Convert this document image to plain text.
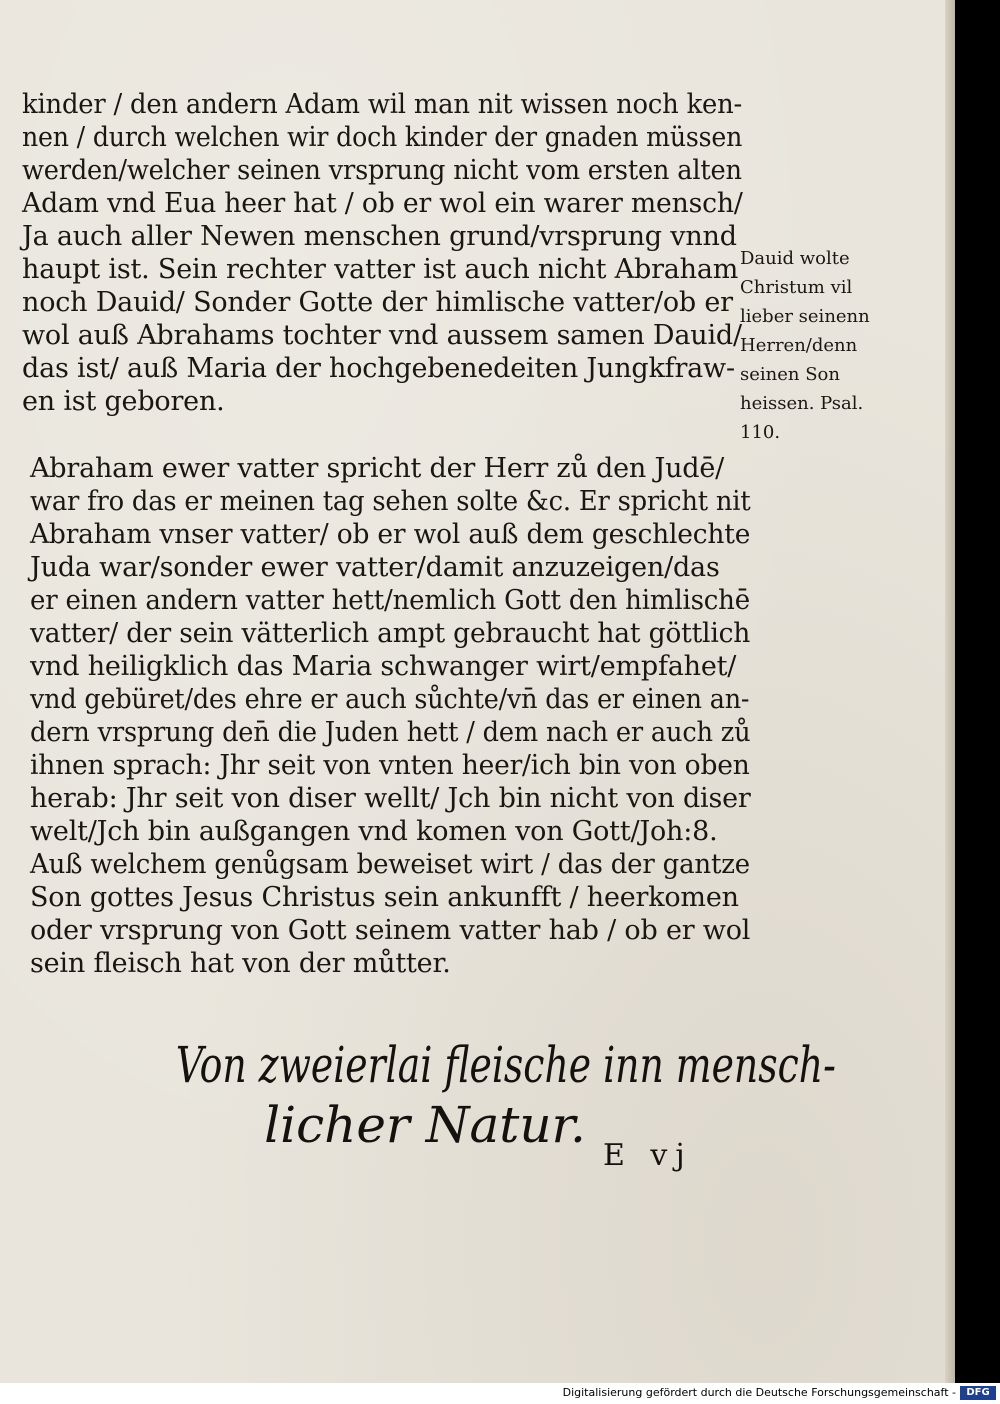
kinder / den andern Adam wil man nit wissen noch ken-
nen / durch welchen wir doch kinder der gnaden müssen
werden/welcher seinen vrsprung nicht vom ersten alten
Adam vnd Eua heer hat / ob er wol ein warer mensch/
Ja auch aller Newen menschen grund/vrsprung vnnd
haupt ist. Sein rechter vatter ist auch nicht Abraham
noch Dauid/ Sonder Gotte der himlische vatter/ob er
wol auß Abrahams tochter vnd aussem samen Dauid/
das ist/ auß Maria der hochgebenedeiten Jungkfraw-
en ist geboren.
Dauid wolte
Christum vil
lieber seinenn
Herren/denn
seinen Son
heissen. Psal.
110.
Abraham ewer vatter spricht der Herr zů den Judē/
war fro das er meinen tag sehen solte &c. Er spricht nit
Abraham vnser vatter/ ob er wol auß dem geschlechte
Juda war/sonder ewer vatter/damit anzuzeigen/das
er einen andern vatter hett/nemlich Gott den himlischē
vatter/ der sein vätterlich ampt gebraucht hat göttlich
vnd heiligklich das Maria schwanger wirt/empfahet/
vnd gebüret/des ehre er auch sůchte/vn̄ das er einen an-
dern vrsprung den̄ die Juden hett / dem nach er auch zů
ihnen sprach: Jhr seit von vnten heer/ich bin von oben
herab: Jhr seit von diser wellt/ Jch bin nicht von diser
welt/Jch bin außgangen vnd komen von Gott/Joh:8.
Auß welchem genůgsam beweiset wirt / das der gantze
Son gottes Jesus Christus sein ankunfft / heerkomen
oder vrsprung von Gott seinem vatter hab / ob er wol
sein fleisch hat von der můtter.
Von zweierlai fleische inn mensch-
licher Natur.
E vj
Digitalisierung gefördert durch die Deutsche Forschungsgemeinschaft -	DFG
